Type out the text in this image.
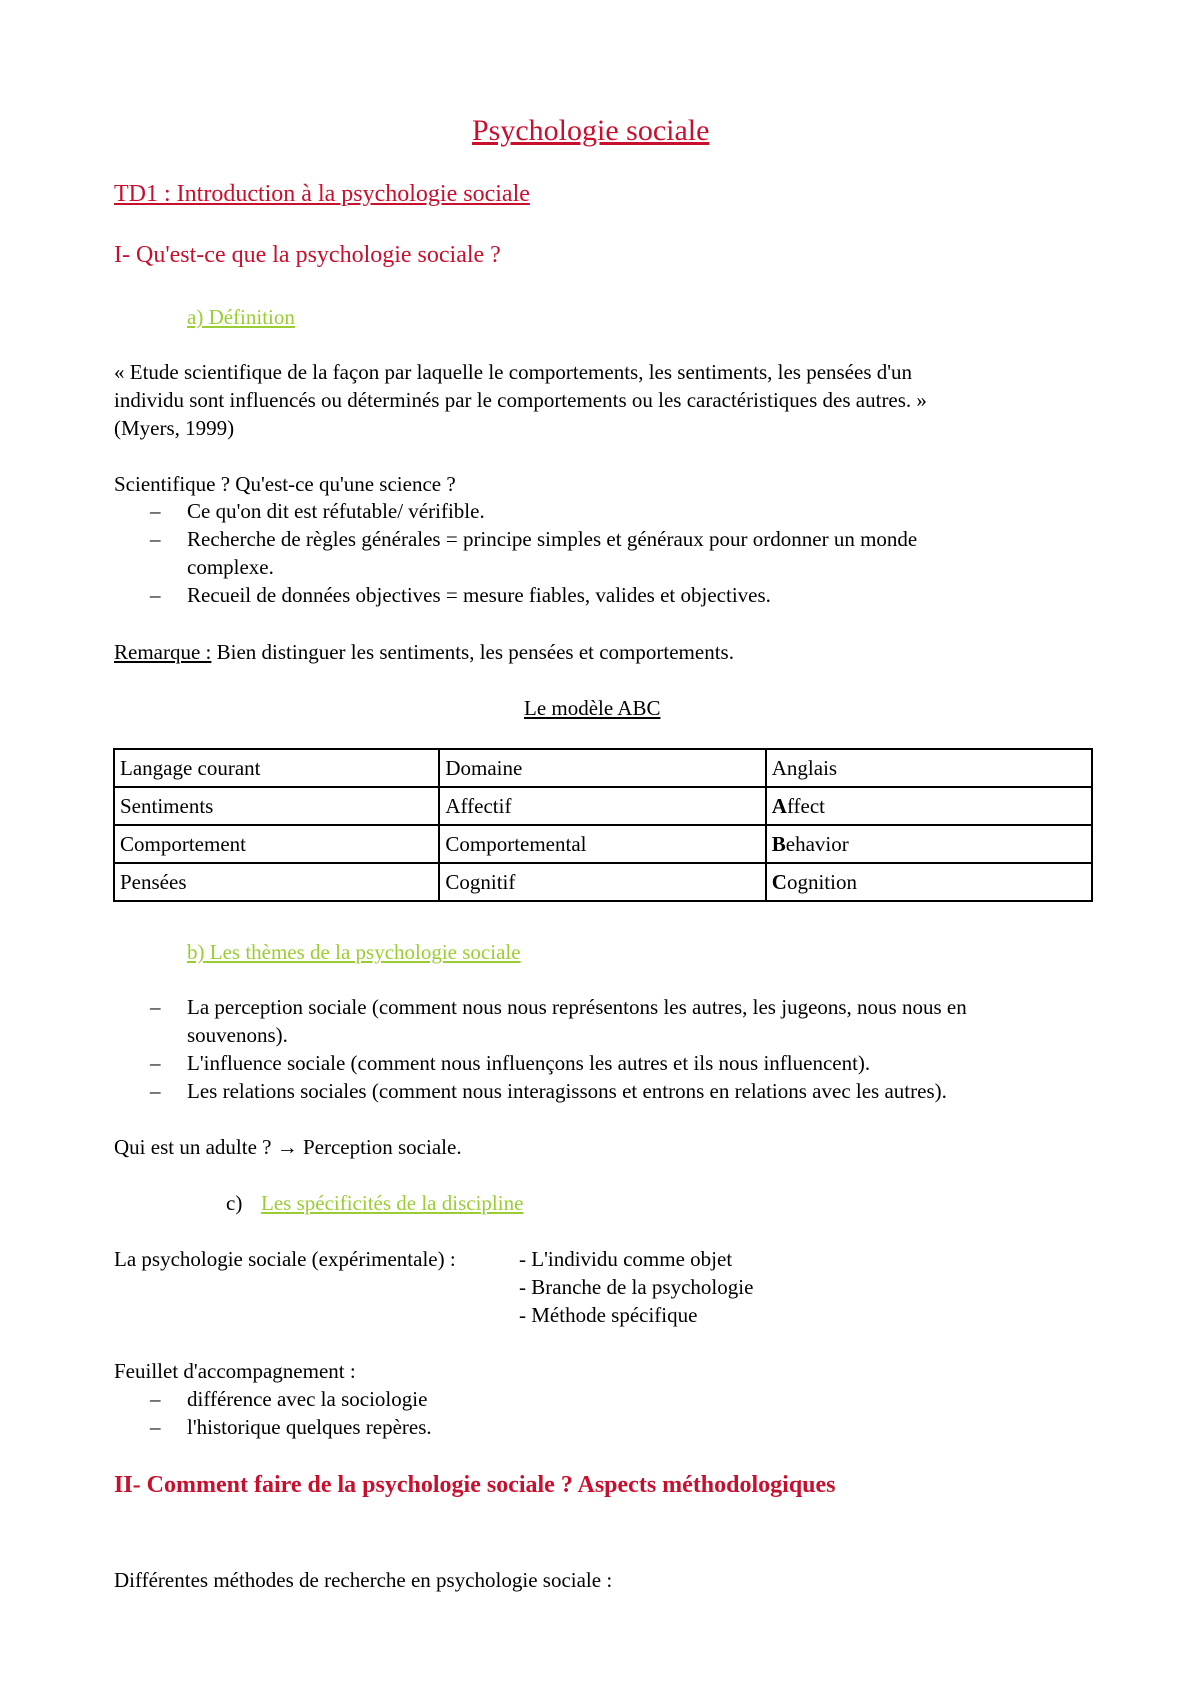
Psychologie sociale
TD1 : Introduction à la psychologie sociale
I- Qu'est-ce que la psychologie sociale ?
a) Définition
« Etude scientifique de la façon par laquelle le comportements, les sentiments, les pensées d'un
individu sont influencés ou déterminés par le comportements ou les caractéristiques des autres. »
(Myers, 1999)
Scientifique ? Qu'est-ce qu'une science ?
– Ce qu'on dit est réfutable/ vérifible.
– Recherche de règles générales = principe simples et généraux pour ordonner un monde
complexe.
– Recueil de données objectives = mesure fiables, valides et objectives.
Remarque : Bien distinguer les sentiments, les pensées et comportements.
Le modèle ABC
Langage courant	Domaine	Anglais
Sentiments	Affectif	Affect
Comportement	Comportemental	Behavior
Pensées	Cognitif	Cognition
b) Les thèmes de la psychologie sociale
– La perception sociale (comment nous nous représentons les autres, les jugeons, nous nous en
souvenons).
– L'influence sociale (comment nous influençons les autres et ils nous influencent).
– Les relations sociales (comment nous interagissons et entrons en relations avec les autres).
Qui est un adulte ? → Perception sociale.
c) Les spécificités de la discipline
La psychologie sociale (expérimentale) :	- L'individu comme objet
- Branche de la psychologie
- Méthode spécifique
Feuillet d'accompagnement :
– différence avec la sociologie
– l'historique quelques repères.
II- Comment faire de la psychologie sociale ? Aspects méthodologiques
Différentes méthodes de recherche en psychologie sociale :
